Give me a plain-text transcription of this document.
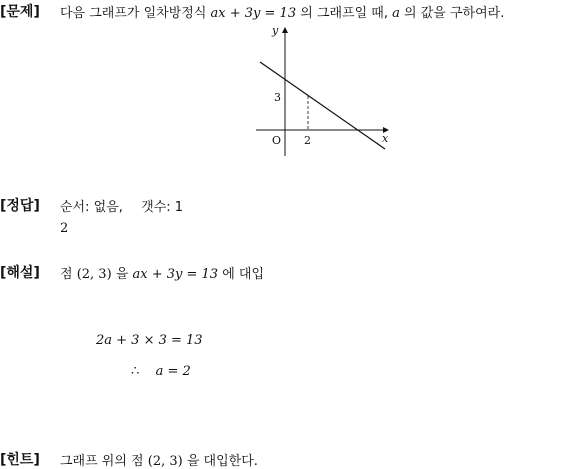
[문제] 다음 그래프가 일차방정식 ax + 3y = 13 의 그래프일 때, a 의 값을 구하여라.
y
x
O
3
2
[정답] 순서: 없음, 갯수: 1
2
[해설] 점 (2, 3) 을 ax + 3y = 13 에 대입
2a + 3 × 3 = 13
∴ a = 2
[힌트] 그래프 위의 점 (2, 3) 을 대입한다.
